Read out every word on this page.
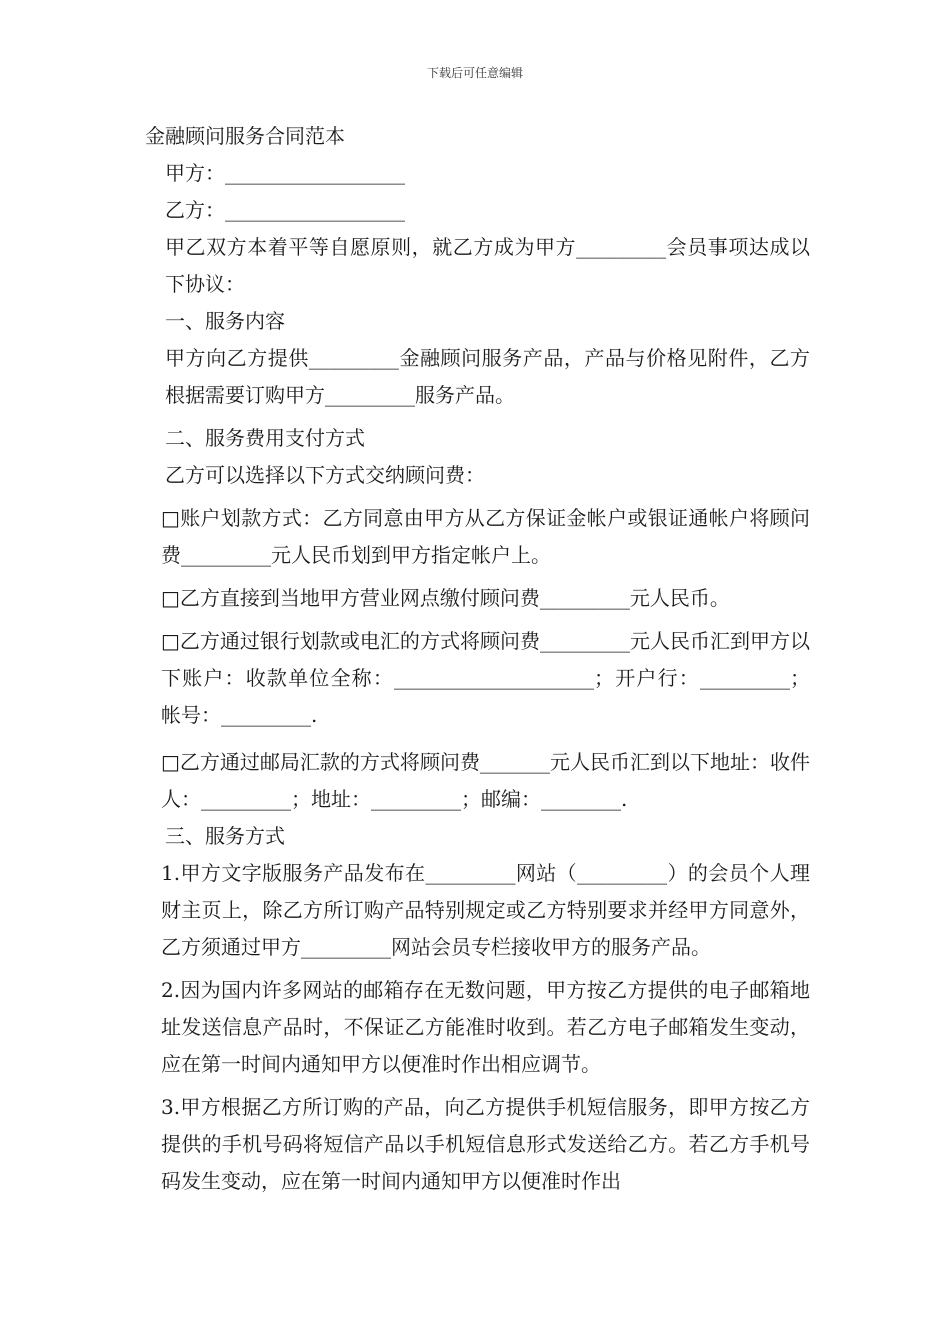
下载后可任意编辑
金融顾问服务合同范本
甲方：__________________
乙方：__________________

甲乙双方本着平等自愿原则，就乙方成为甲方_________会员事项达成以下协议：

一、服务内容

甲方向乙方提供_________金融顾问服务产品，产品与价格见附件，乙方根据需要订购甲方_________服务产品。

二、服务费用支付方式
乙方可以选择以下方式交纳顾问费：

□账户划款方式：乙方同意由甲方从乙方保证金帐户或银证通帐户将顾问费_________元人民币划到甲方指定帐户上。

□乙方直接到当地甲方营业网点缴付顾问费_________元人民币。

□乙方通过银行划款或电汇的方式将顾问费_________元人民币汇到甲方以下账户：收款单位全称：____________________；开户行：_________；帐号：_________.

□乙方通过邮局汇款的方式将顾问费_______元人民币汇到以下地址：收件人：_________；地址：_________；邮编：________.

三、服务方式

1.甲方文字版服务产品发布在_________网站（_________）的会员个人理财主页上，除乙方所订购产品特别规定或乙方特别要求并经甲方同意外，乙方须通过甲方_________网站会员专栏接收甲方的服务产品。

2.因为国内许多网站的邮箱存在无数问题，甲方按乙方提供的电子邮箱地址发送信息产品时，不保证乙方能准时收到。若乙方电子邮箱发生变动，应在第一时间内通知甲方以便准时作出相应调节。

3.甲方根据乙方所订购的产品，向乙方提供手机短信服务，即甲方按乙方提供的手机号码将短信产品以手机短信息形式发送给乙方。若乙方手机号码发生变动，应在第一时间内通知甲方以便准时作出
